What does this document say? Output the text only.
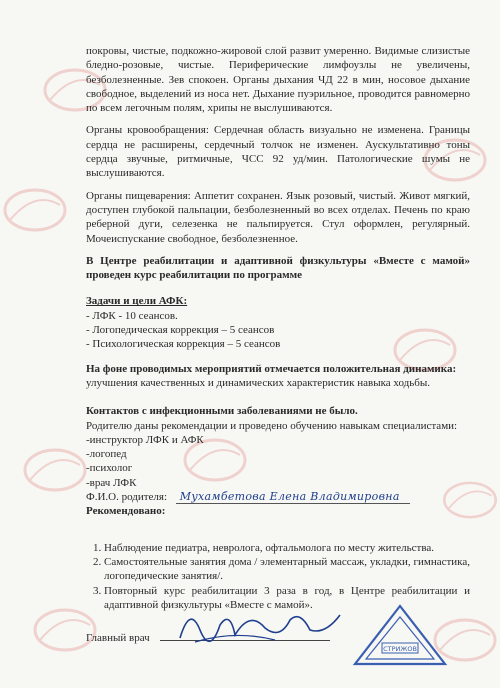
покровы, чистые, подкожно-жировой слой развит умеренно. Видимые слизистые бледно-розовые, чистые. Периферические лимфоузлы не увеличены, безболезненные. Зев спокоен. Органы дыхания ЧД 22 в мин, носовое дыхание свободное, выделений из носа нет. Дыхание пуэрильное, проводится равномерно по всем легочным полям, хрипы не выслушиваются.

Органы кровообращения: Сердечная область визуально не изменена. Границы сердца не расширены, сердечный толчок не изменен. Аускультативно тоны сердца звучные, ритмичные, ЧСС 92 уд/мин. Патологические шумы не выслушиваются.

Органы пищеварения: Аппетит сохранен. Язык розовый, чистый. Живот мягкий, доступен глубокой пальпации, безболезненный во всех отделах. Печень по краю реберной дуги, селезенка не пальпируется. Стул оформлен, регулярный. Мочеиспускание свободное, безболезненное.

В Центре реабилитации и адаптивной физкультуры «Вместе с мамой» проведен курс реабилитации по программе

Задачи и цели АФК:

- ЛФК - 10 сеансов.
- Логопедическая коррекция – 5 сеансов
- Психологическая коррекция – 5 сеансов

На фоне проводимых мероприятий отмечается положительная динамика:

улучшения качественных и динамических характеристик навыка ходьбы.

Контактов с инфекционными заболеваниями не было.

Родителю даны рекомендации и проведено обучению навыкам специалистами:

-инструктор ЛФК и АФК
-логопед
-психолог
-врач ЛФК

Ф.И.О. родителя: Мухамбетова Елена Владимировна

Рекомендовано:

1. Наблюдение педиатра, невролога, офтальмолога по месту жительства.
2. Самостоятельные занятия дома / элементарный массаж, укладки, гимнастика, логопедические занятия/.
3. Повторный курс реабилитации 3 раза в год, в Центре реабилитации и адаптивной физкультуры «Вместе с мамой».
Главный врач
СТРИЖОВ
